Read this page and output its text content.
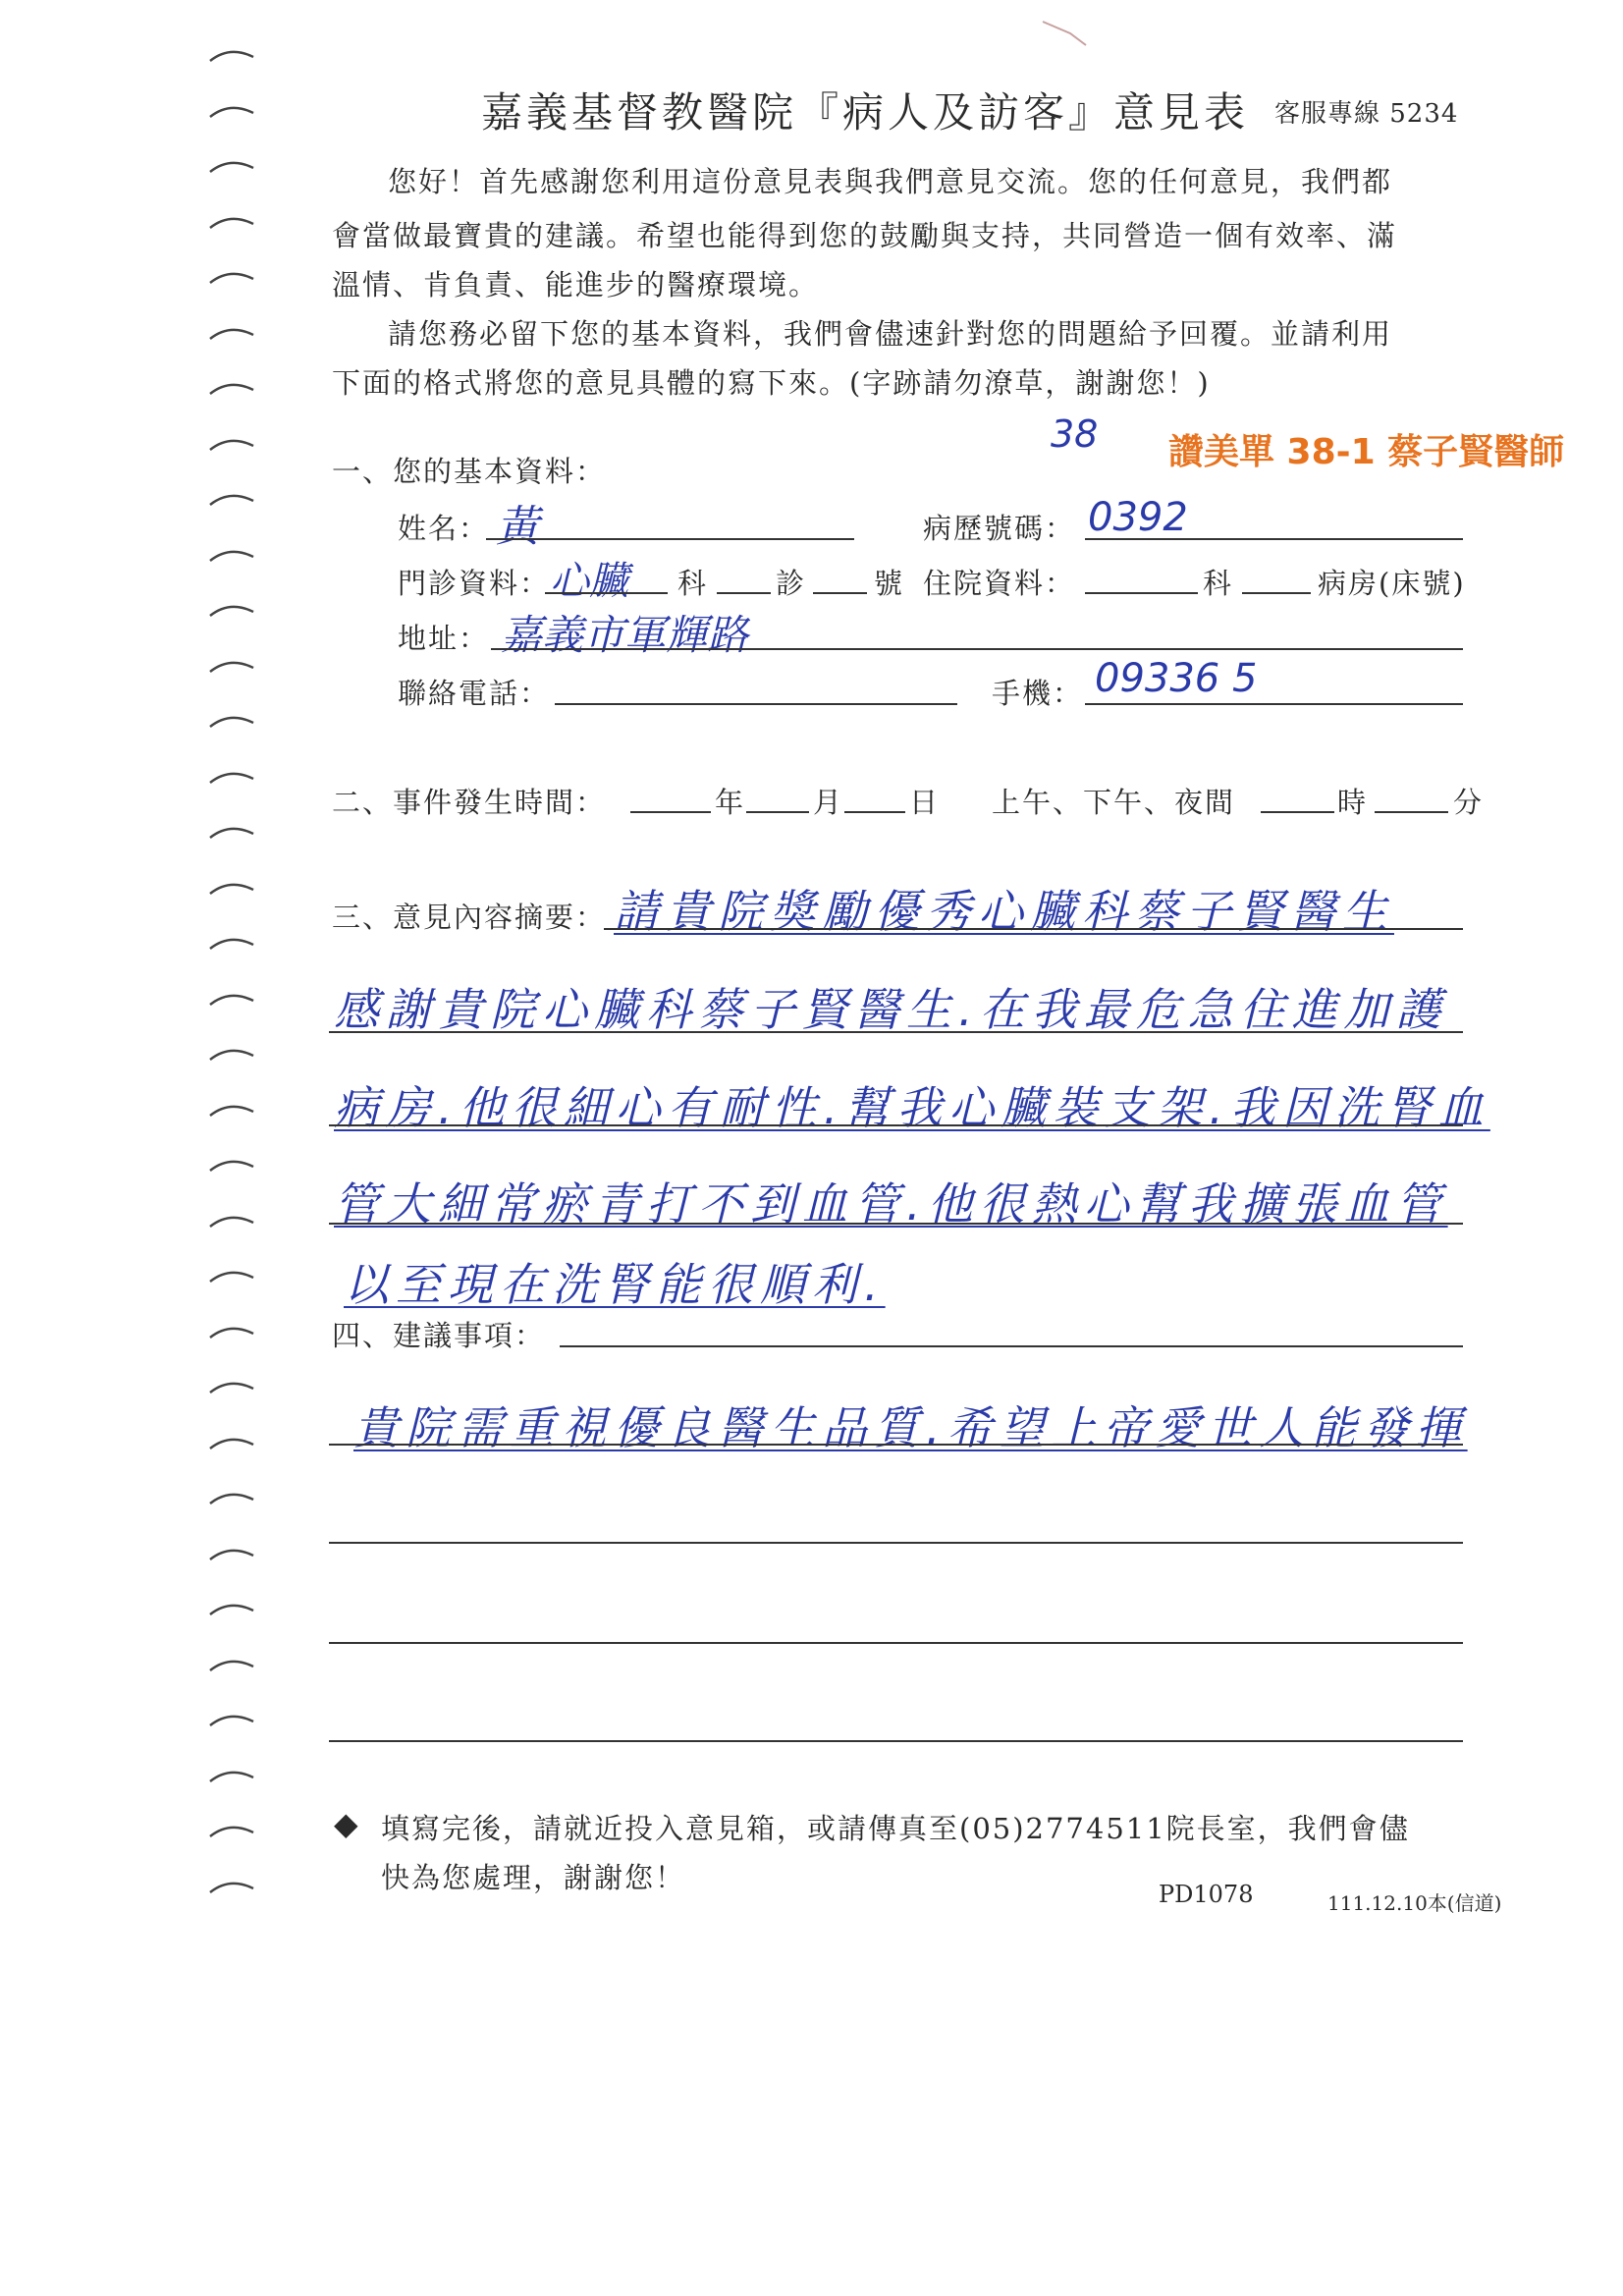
嘉義基督教醫院『病人及訪客』意見表 客服專線 5234
您好！首先感謝您利用這份意見表與我們意見交流。您的任何意見，我們都
會當做最寶貴的建議。希望也能得到您的鼓勵與支持，共同營造一個有效率、滿
溫情、肯負責、能進步的醫療環境。
請您務必留下您的基本資料，我們會儘速針對您的問題給予回覆。並請利用
下面的格式將您的意見具體的寫下來。(字跡請勿潦草，謝謝您！)
38 讚美單 38-1 蔡子賢醫師
一、您的基本資料：
姓名： 黃	病歷號碼： 0392
門診資料： 心臟 科 診 號 住院資料：	科	病房(床號)
地址： 嘉義市軍輝路
聯絡電話：	手機： 09336 5
二、事件發生時間：	年 月 日 上午、下午、夜間	時	分
三、意見內容摘要： 請貴院獎勵優秀心臟科蔡子賢醫生
感謝貴院心臟科蔡子賢醫生.在我最危急住進加護
病房.他很細心有耐性.幫我心臟裝支架.我因洗腎血
管大細常瘀青打不到血管.他很熱心幫我擴張血管
以至現在洗腎能很順利.
四、建議事項：
貴院需重視優良醫生品質.希望上帝愛世人能發揮
◆ 填寫完後，請就近投入意見箱，或請傳真至(05)2774511院長室，我們會儘
快為您處理，謝謝您！	PD1078	111.12.10本(信道)
